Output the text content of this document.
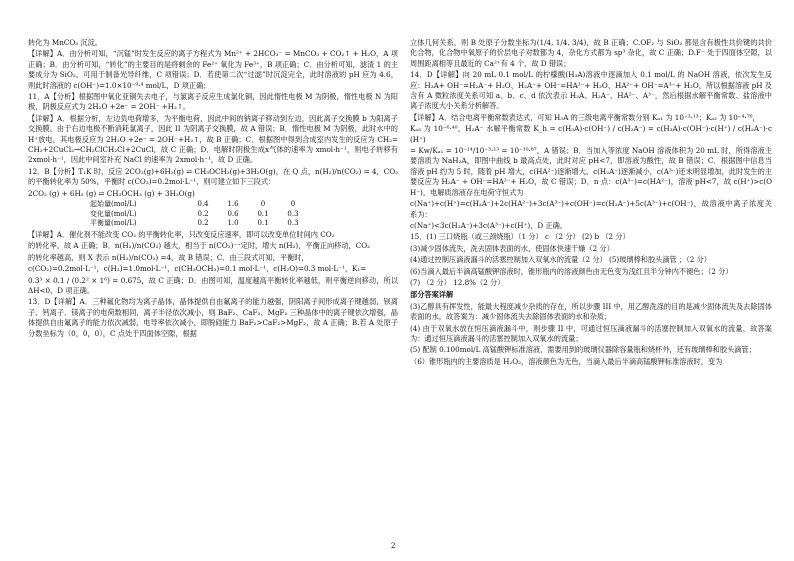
转化为 MnCO₃ 沉淀。

【详解】A．由分析可知，“沉锰”时发生反应的离子方程式为 Mn²⁺ + 2HCO₃⁻ = MnCO₃ + CO₂↑ + H₂O，A 项正确；B．由分析可知，“转化”的主要目的是将剩余的 Fe²⁺ 氧化为 Fe³⁺，B 项正确；C．由分析可知，滤渣 1 的主要成分为 SiO₂，可用于制备光导纤维，C 项错误；D．若使第二次“过滤”时沉淀完全，此时溶液的 pH 应为 4.6，则此时溶液的 c(OH⁻)=1.0×10⁻⁹·⁴ mol/L，D 项正确；

11．A【分析】根据图中氧化亚铜失去电子，与氯离子反应生成氯化铜，因此惰性电极 M 为阴极，惰性电极 N 为阳极，阴极反应式为 2H₂O +2e⁻ = 2OH⁻ +H₂↑。

【详解】A．根据分析，左边负电荷增多，为平衡电荷，因此中间的钠离子移动到左边，因此离子交换膜 b 为阳离子交换膜，由于右边电极不断消耗氯离子，因此 II 为阴离子交换膜，故 A 错误；B．惰性电极 M 为阴极，此时水中的 H⁺放电，其电极反应为 2H₂O +2e⁻ = 2OH⁻+H₂↑，故 B 正确；C．根据图中得到合成室内发生的反应为 CH₂=CH₂+2CuCl₂→CH₂ClCH₂Cl+2CuCl，故 C 正确；D．电解时阴极生成x气体的速率为 xmol·h⁻¹，则电子转移有 2xmol·h⁻¹，因此中间室补充 NaCl 的速率为 2xmol·h⁻¹，故 D 正确。

12．B【分析】T₁K 时，反应 2CO₂(g)+6H₂(g) ⇌ CH₃OCH₃(g)+3H₂O(g)，在 Q 点，n(H₂)/n(CO₂) = 4，CO₂ 的平衡转化率为 50%，平衡时 c(CO₂)=0.2mol·L⁻¹，则可建立如下三段式：

2CO₂ (g) + 6H₂ (g) ⇌ CH₃OCH₃ (g) + 3H₂O(g)

起始量(mol/L)	0.4	1.6	0	0
变化量(mol/L)	0.2	0.6	0.1	0.3
平衡量(mol/L)	0.2	1.0	0.1	0.3

【详解】A．催化剂不能改变 CO₂ 的平衡转化率，只改变反应速率，即可以改变单位时间内 CO₂

的转化率，故 A 正确；B．n(H₂)/n(CO₂) 越大，相当于 n(CO₂)一定时，增大 n(H₂)，平衡正向移动，CO₂

的转化率越高，则 X 表示 n(H₂)/n(CO₂) =4，故 B 错误；C．由三段式可知，平衡时，

c(CO₂)=0.2mol·L⁻¹，c(H₂)=1.0mol·L⁻¹，c(CH₃OCH₃)=0.1 mol·L⁻¹，c(H₂O)=0.3 mol·L⁻¹，K₁=

0.3³ × 0.1 / (0.2² × 1⁶) = 0.675，故 C 正确；D．由图可知，温度越高平衡转化率越低，则平衡逆向移动，所以ΔH<0，D 项正确。

13．D【详解】A．三种氟化物均为离子晶体，晶体提供自由氟离子的能力越强，阴阳离子间形成离子键越弱，钡离子、钙离子、镁离子的电荷数相同，离子半径依次减小，则 BaF₂、CaF₂、MgF₂ 三种晶体中的离子键依次增强，晶体提供自由氟离子的能力依次减弱，电导率依次减小，即脱硅能力 BaF₂>CaF₂>MgF₂，故 A 正确；B.若 A 处原子分数坐标为（0，0，0），C 点处于四面体空隙，根据

立体几何关系，则 B 处原子分数坐标为(1/4, 1/4, 3/4)，故 B 正确；C.OF₂ 与 SiO₂ 都是含有极性共价键的共价化合物，化合物中氧原子的价层电子对数都为 4，杂化方式都为 sp³ 杂化，故 C 正确；D.F⁻ 处于四面体空隙，以周围距离相等且最近的 Ca²⁺有 4 个，故 D 错误；

14．D【详解】向 20 mL 0.1 mol/L 的柠檬酸(H₃A)溶液中逐滴加入 0.1 mol/L 的 NaOH 溶液，依次发生反应：H₃A+ OH⁻=H₂A⁻+ H₂O、H₂A⁻+ OH⁻=HA²⁻+ H₂O、HA²⁻+ OH⁻=A³⁻+ H₂O，所以根据溶液 pH 及含有 A 微粒浓度关系可知 a、b、c、d 依次表示 H₃A、H₂A⁻、HA²⁻、A³⁻，然后根据水解平衡常数、盐溶液中离子浓度大小关系分析解答。

【详解】A．结合电离平衡常数表达式，可知 H₃A 的三级电离平衡常数分别 Kₐ₁ 为 10⁻³·¹³；Kₐ₂ 为 10⁻⁴·⁷⁶，

Kₐ₃ 为 10⁻⁶·⁴⁰，H₂A⁻ 水解平衡常数 K_h = c(H₃A)·c(OH⁻) / c(H₂A⁻) = c(H₃A)·c(OH⁻)·c(H⁺) / c(H₂A⁻)·c(H⁺)

= Kw/Kₐ₁ = 10⁻¹⁴/10⁻³·¹³ = 10⁻¹⁰·⁸⁷，A 错误；B．当加入等浓度 NaOH 溶液体积为 20 mL 时，所得溶液主要溶质为 NaH₂A，即图中曲线 b 最高点处，此时对应 pH<7，即溶液为酸性，故 B 错误；C．根据图中信息当溶液 pH 约为 5 时，随着 pH 增大，c(HA²⁻)逐渐增大、c(H₂A⁻)逐渐减小，c(A³⁻)还未明显增加，此时发生的主要反应为 H₂A⁻ + OH⁻=HA²⁻+ H₂O，故 C 错误；D．n 点：c(A³⁻)=c(HA²⁻)，溶液 pH<7，故 c(H⁺)>c(OH⁻)，电解质溶液存在电荷守恒式为

c(Na⁺)+c(H⁺)=c(H₂A⁻)+2c(HA²⁻)+3c(A³⁻)+c(OH⁻)=c(H₂A⁻)+5c(A³⁻)+c(OH⁻)，故溶液中离子浓度关系为：

c(Na⁺)<3c(H₂A⁻)+3c(A³⁻)+c(H⁺)，D 正确。

15．(1) 三口烧瓶（或三颈烧瓶）（1 分） c （2 分） (2) b （2 分）

(3)减少固体流失，洗去固体表面的水，使固体快速干燥（2 分）

(4)通过控制压滴液漏斗的活塞控制加入双氧水的流量（2 分） (5)玻璃棒和胶头滴管 ；（2 分）

(6)当滴入最后半滴高锰酸钾溶液时，锥形瓶内的溶液颜色由无色变为浅红且半分钟内不褪色；（2 分）

(7) （2 分） 12.8%（2 分）

部分答案详解

(3)乙醇具有挥发性，能最大程度减少杂质的存在，所以步骤 III 中，用乙醇洗涤的目的是减少固体流失及去除固体表面的水，故答案为：减少固体流失去除固体表面的水和杂质；

(4) 由于双氧水放在恒压滴液漏斗中，则步骤 II 中，可通过恒压滴液漏斗的活塞控制加入双氧水的流量，故答案为：通过恒压滴液漏斗的活塞控制加入双氧水的流量；

(5) 配制 0.100mol/L 高锰酸钾标准溶液，需要用到的玻璃仪器除容量瓶和烧杯外，还有玻璃棒和胶头滴管；

（6）锥形瓶内的主要溶质是 H₂O₂，溶液颜色为无色，当滴入最后半滴高锰酸钾标准溶液时，变为

2
